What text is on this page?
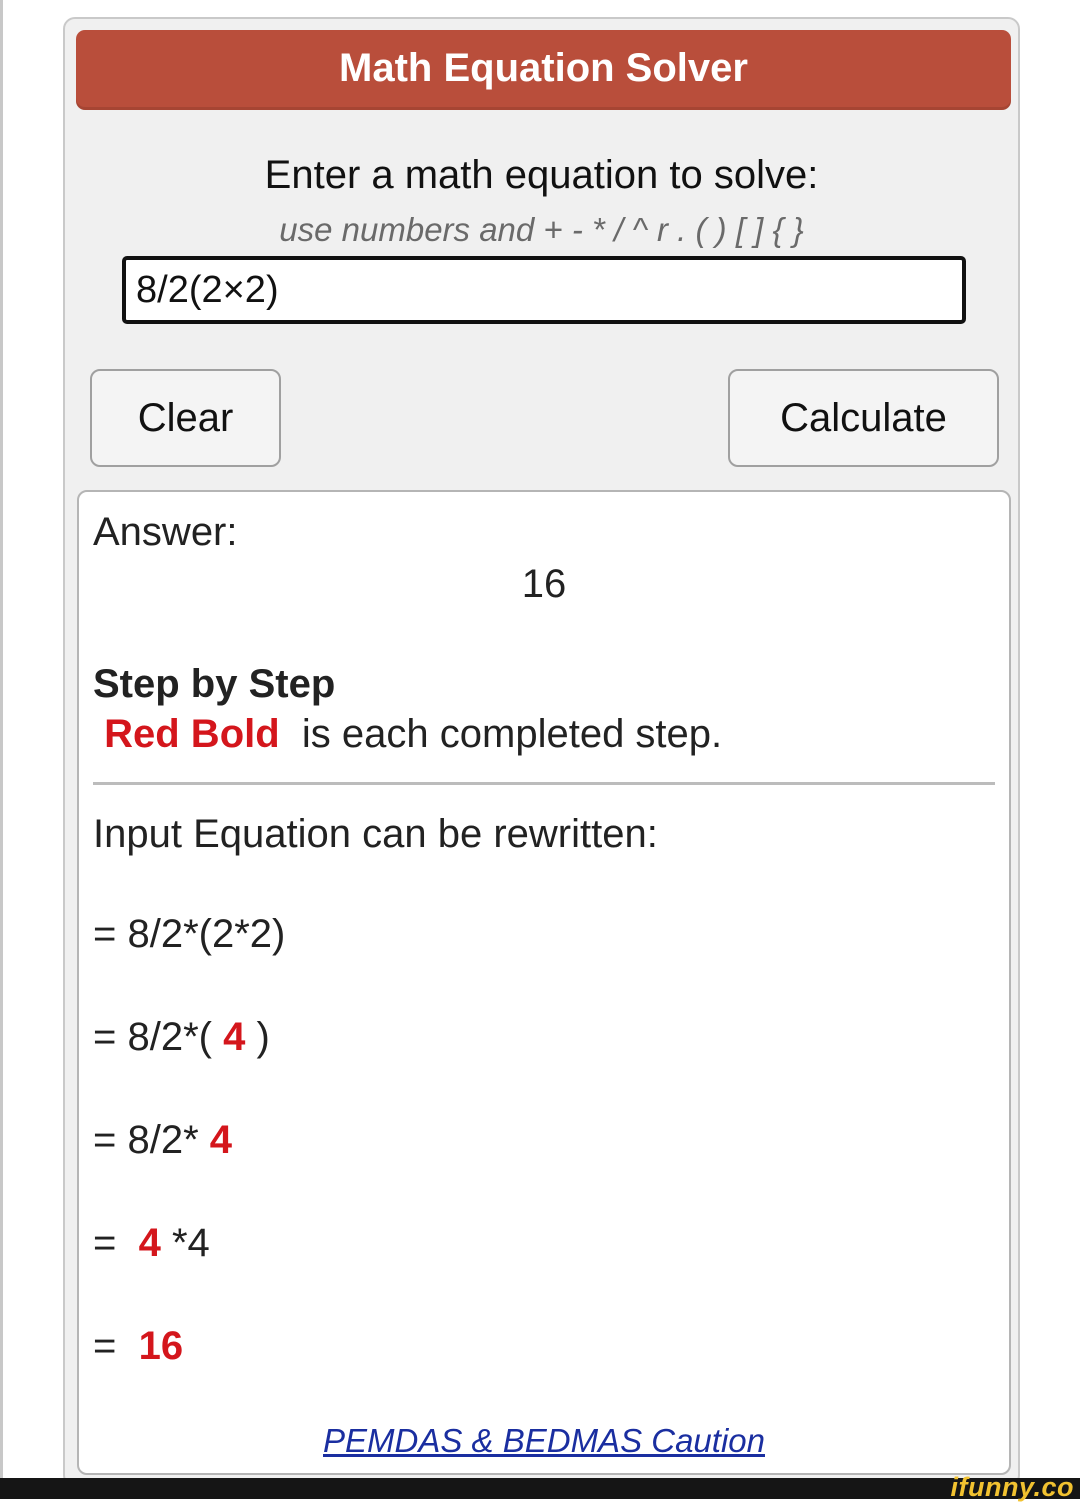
Math Equation Solver
Enter a math equation to solve:
use numbers and + - * / ^ r . ( ) [ ] { }
8/2(2×2)
Clear	Calculate
Answer:
16
Step by Step
Red Bold is each completed step.
Input Equation can be rewritten:
= 8/2*(2*2)
= 8/2*( 4 )
= 8/2* 4
=  4 *4
=  16
PEMDAS & BEDMAS Caution
ifunny.co
